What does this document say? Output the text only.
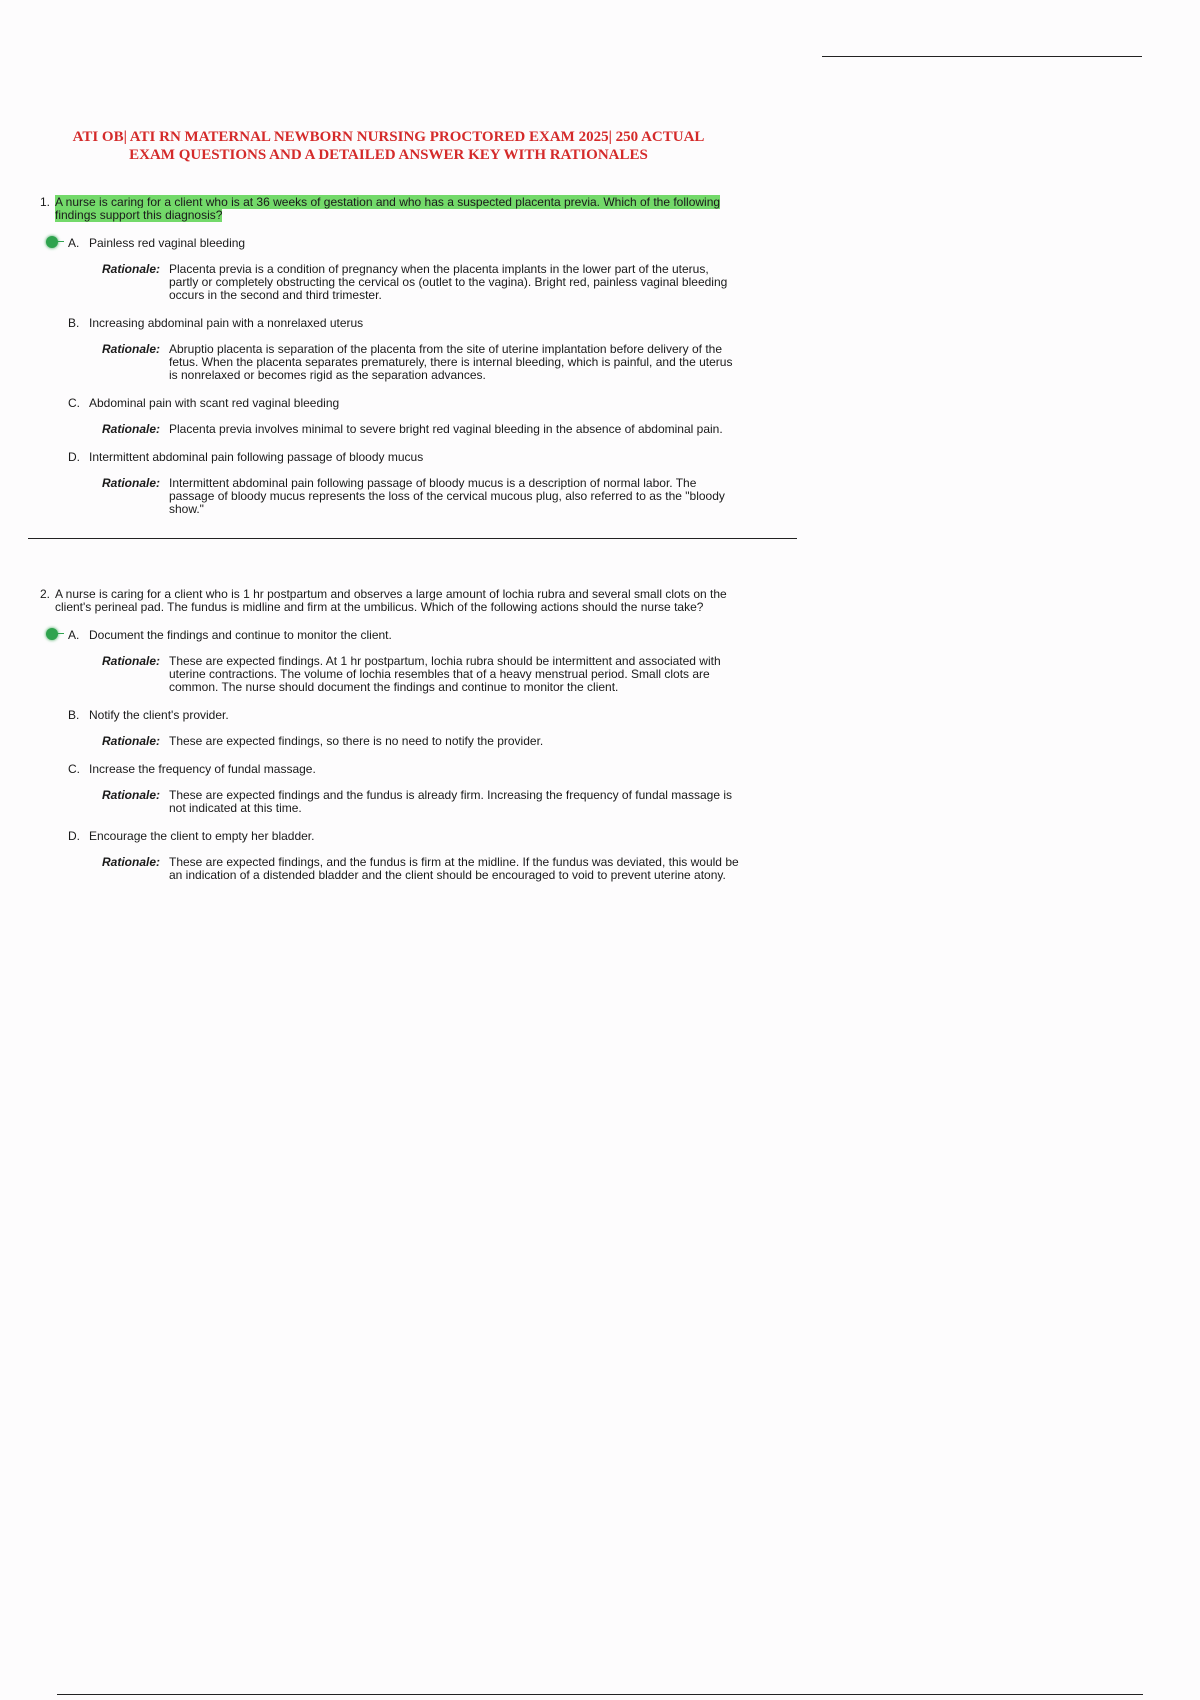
ATI OB| ATI RN MATERNAL NEWBORN NURSING PROCTORED EXAM 2025| 250 ACTUAL
EXAM QUESTIONS AND A DETAILED ANSWER KEY WITH RATIONALES
1. A nurse is caring for a client who is at 36 weeks of gestation and who has a suspected placenta previa. Which of the following findings support this diagnosis?
A. Painless red vaginal bleeding
Rationale: Placenta previa is a condition of pregnancy when the placenta implants in the lower part of the uterus, partly or completely obstructing the cervical os (outlet to the vagina). Bright red, painless vaginal bleeding occurs in the second and third trimester.
B. Increasing abdominal pain with a nonrelaxed uterus
Rationale: Abruptio placenta is separation of the placenta from the site of uterine implantation before delivery of the fetus. When the placenta separates prematurely, there is internal bleeding, which is painful, and the uterus is nonrelaxed or becomes rigid as the separation advances.
C. Abdominal pain with scant red vaginal bleeding
Rationale: Placenta previa involves minimal to severe bright red vaginal bleeding in the absence of abdominal pain.
D. Intermittent abdominal pain following passage of bloody mucus
Rationale: Intermittent abdominal pain following passage of bloody mucus is a description of normal labor. The passage of bloody mucus represents the loss of the cervical mucous plug, also referred to as the "bloody show."
2. A nurse is caring for a client who is 1 hr postpartum and observes a large amount of lochia rubra and several small clots on the client's perineal pad. The fundus is midline and firm at the umbilicus. Which of the following actions should the nurse take?
A. Document the findings and continue to monitor the client.
Rationale: These are expected findings. At 1 hr postpartum, lochia rubra should be intermittent and associated with uterine contractions. The volume of lochia resembles that of a heavy menstrual period. Small clots are common. The nurse should document the findings and continue to monitor the client.
B. Notify the client's provider.
Rationale: These are expected findings, so there is no need to notify the provider.
C. Increase the frequency of fundal massage.
Rationale: These are expected findings and the fundus is already firm. Increasing the frequency of fundal massage is not indicated at this time.
D. Encourage the client to empty her bladder.
Rationale: These are expected findings, and the fundus is firm at the midline. If the fundus was deviated, this would be an indication of a distended bladder and the client should be encouraged to void to prevent uterine atony.
